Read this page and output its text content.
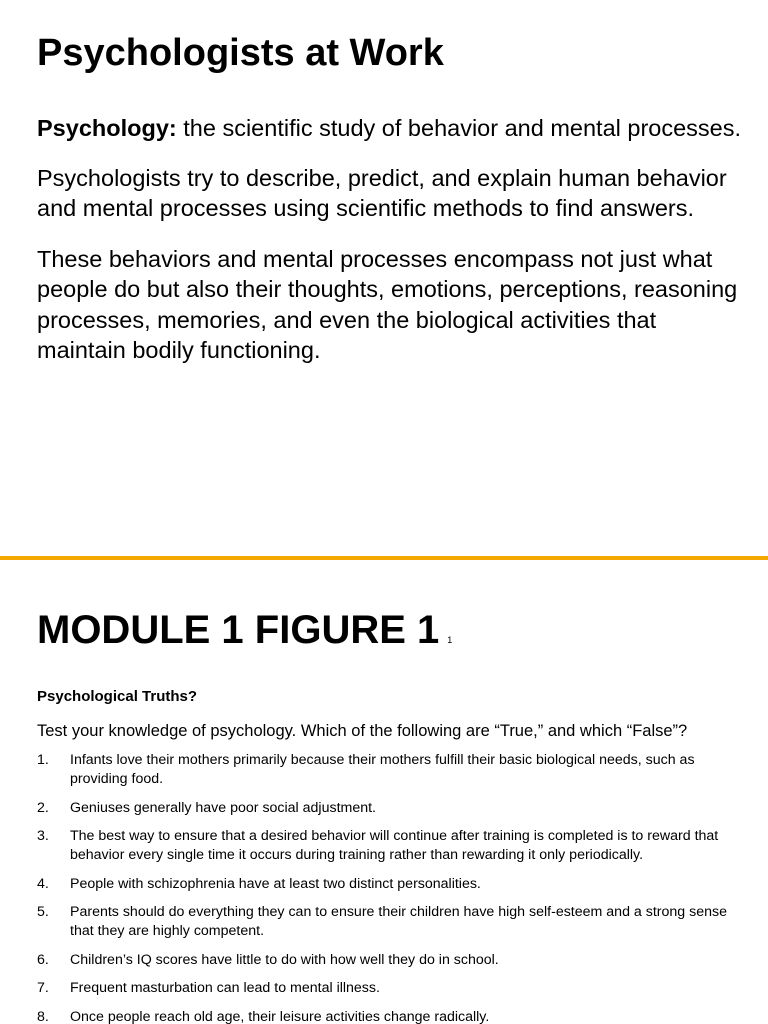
Psychologists at Work

Psychology: the scientific study of behavior and mental processes.

Psychologists try to describe, predict, and explain human behavior and mental processes using scientific methods to find answers.

These behaviors and mental processes encompass not just what people do but also their thoughts, emotions, perceptions, reasoning processes, memories, and even the biological activities that maintain bodily functioning.

MODULE 1 FIGURE 1 1
Psychological Truths?
Test your knowledge of psychology. Which of the following are “True,” and which “False”?
1. Infants love their mothers primarily because their mothers fulfill their basic biological needs, such as providing food.
2. Geniuses generally have poor social adjustment.
3. The best way to ensure that a desired behavior will continue after training is completed is to reward that behavior every single time it occurs during training rather than rewarding it only periodically.
4. People with schizophrenia have at least two distinct personalities.
5. Parents should do everything they can to ensure their children have high self-esteem and a strong sense that they are highly competent.
6. Children’s IQ scores have little to do with how well they do in school.
7. Frequent masturbation can lead to mental illness.
8. Once people reach old age, their leisure activities change radically.
